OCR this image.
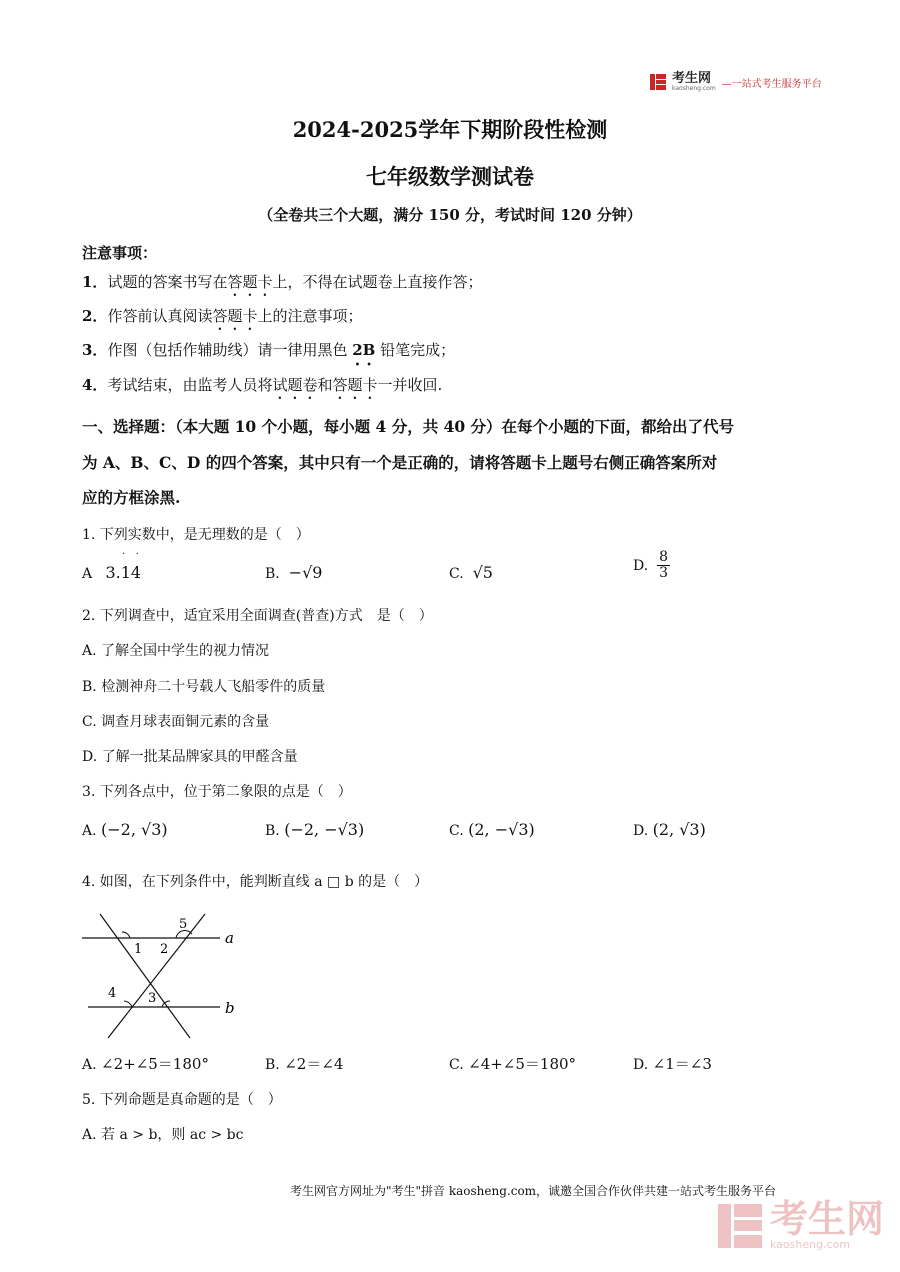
考生网
kaosheng.com —一站式考生服务平台
2024-2025学年下期阶段性检测
七年级数学测试卷
（全卷共三个大题，满分 150 分，考试时间 120 分钟）
注意事项：
1．试题的答案书写在答题卡上，不得在试题卷上直接作答；
2．作答前认真阅读答题卡上的注意事项；
3．作图（包括作辅助线）请一律用黑色 2B 铅笔完成；
4．考试结束，由监考人员将试题卷和答题卡一并收回.
一、选择题：（本大题 10 个小题，每小题 4 分，共 40 分）在每个小题的下面，都给出了代号
为 A、B、C、D 的四个答案，其中只有一个是正确的，请将答题卡上题号右侧正确答案所对
应的方框涂黑.
1. 下列实数中，是无理数的是（　）
A 3.14
˙ ˙
B. −√9	C. √5	D. $\frac{8}{3}$
2. 下列调查中，适宜采用全面调查(普查)方式　是（　）
A. 了解全国中学生的视力情况
B. 检测神舟二十号载人飞船零件的质量
C. 调查月球表面铜元素的含量
D. 了解一批某品牌家具的甲醛含量
3. 下列各点中，位于第二象限的点是（　）
A. (−2, √3)	B. (−2, −√3)	C. (2, −√3)	D. (2, √3)
4. 如图，在下列条件中，能判断直线 a □ b 的是（　）
a
b
1 2
3
4
5
A. ∠2+∠5＝180°	B. ∠2＝∠4	C. ∠4+∠5＝180°	D. ∠1＝∠3
5. 下列命题是真命题的是（　）
A. 若 a > b，则 ac > bc
考生网官方网址为"考生"拼音 kaosheng.com，诚邀全国合作伙伴共建一站式考生服务平台
考生网
kaosheng.com
